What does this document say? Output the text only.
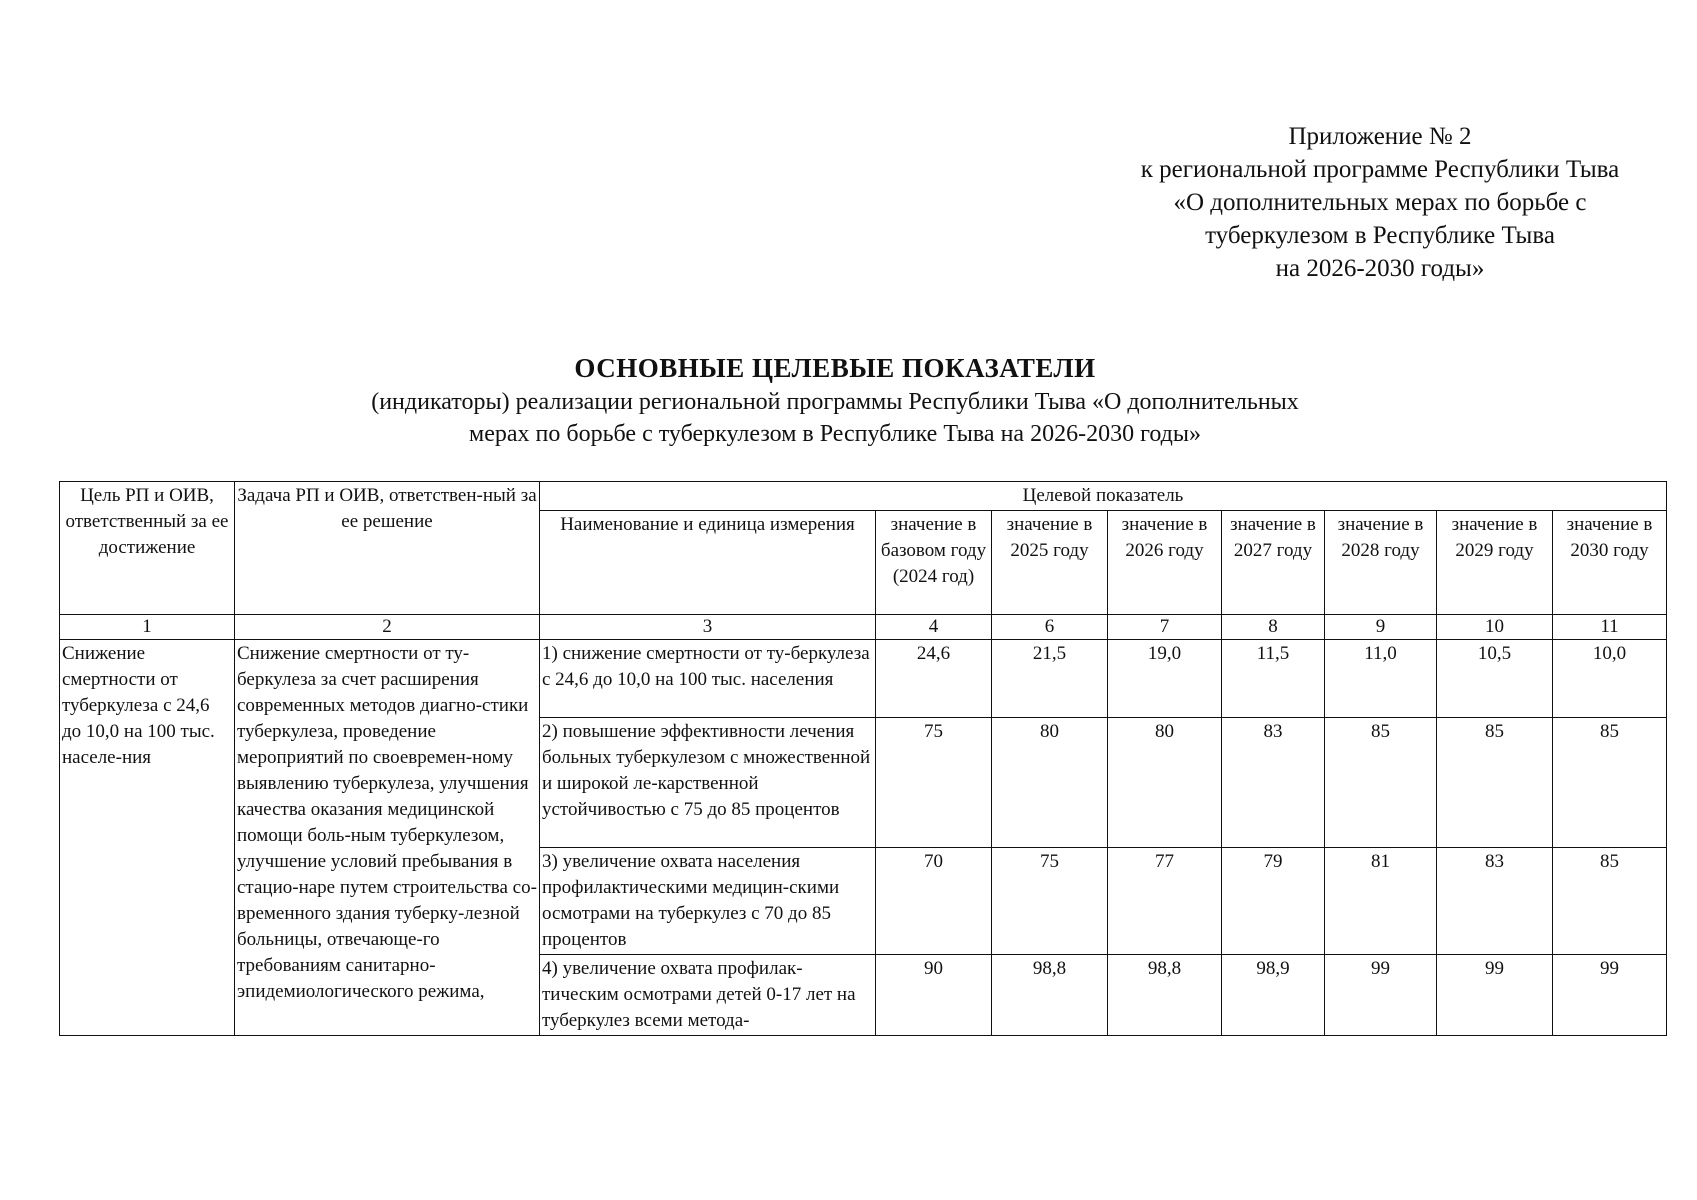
Приложение № 2
к региональной программе Республики Тыва
«О дополнительных мерах по борьбе с
туберкулезом в Республике Тыва
на 2026-2030 годы»
ОСНОВНЫЕ ЦЕЛЕВЫЕ ПОКАЗАТЕЛИ
(индикаторы) реализации региональной программы Республики Тыва «О дополнительных
мерах по борьбе с туберкулезом в Республике Тыва на 2026-2030 годы»
Цель РП и ОИВ, ответственный за ее достижение	Задача РП и ОИВ, ответствен-ный за ее решение	Целевой показатель							
		Наименование и единица измерения	значение в базовом году (2024 год)	значение в 2025 году	значение в 2026 году	значение в 2027 году	значение в 2028 году	значение в 2029 году	значение в 2030 году
1	2	3	4	6	7	8	9	10	11
Снижение смертности от туберкулеза с 24,6 до 10,0 на 100 тыс. населе-ния	Снижение смертности от ту-беркулеза за счет расширения современных методов диагно-стики туберкулеза, проведение мероприятий по своевремен-ному выявлению туберкулеза, улучшения качества оказания медицинской помощи боль-ным туберкулезом, улучшение условий пребывания в стацио-наре путем строительства со-временного здания туберку-лезной больницы, отвечающе-го требованиям санитарно-эпидемиологического режима,	1) снижение смертности от ту-беркулеза с 24,6 до 10,0 на 100 тыс. населения	24,6	21,5	19,0	11,5	11,0	10,5	10,0
		2) повышение эффективности лечения больных туберкулезом с множественной и широкой ле-карственной устойчивостью с 75 до 85 процентов	75	80	80	83	85	85	85
		3) увеличение охвата населения профилактическими медицин-скими осмотрами на туберкулез с 70 до 85 процентов	70	75	77	79	81	83	85
		4) увеличение охвата профилак-тическим осмотрами детей 0-17 лет на туберкулез всеми метода-	90	98,8	98,8	98,9	99	99	99
